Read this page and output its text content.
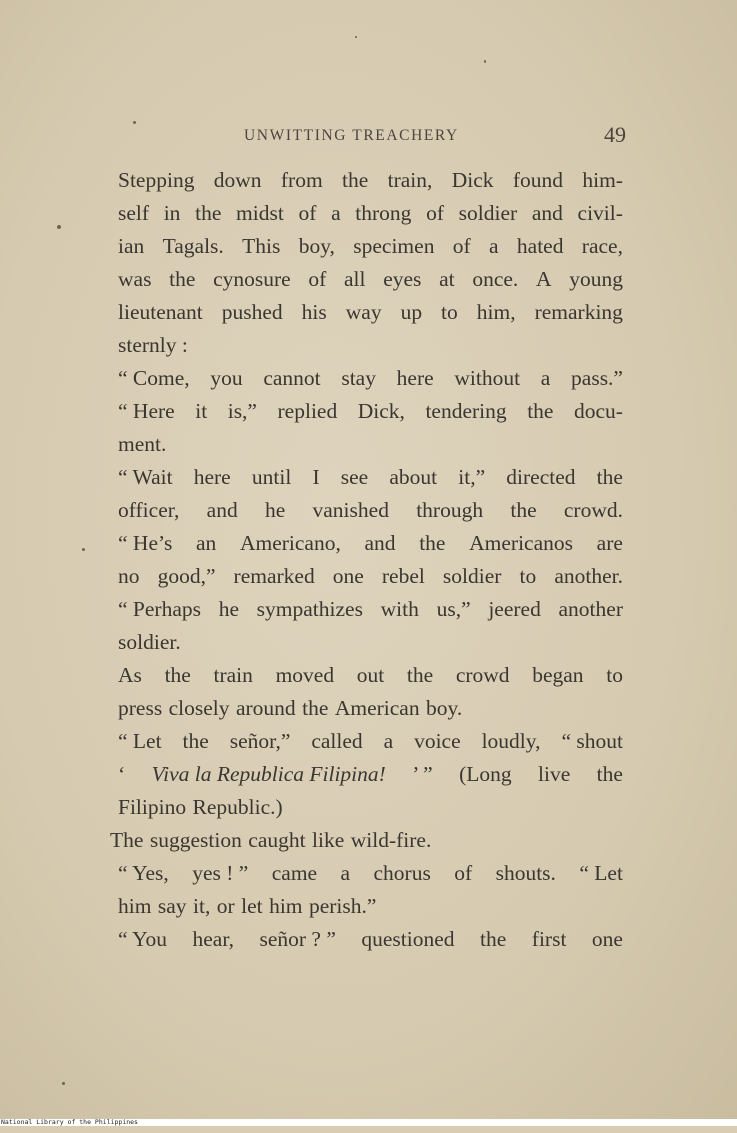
UNWITTING TREACHERY	49
Stepping down from the train, Dick found him-
self in the midst of a throng of soldier and civil-
ian Tagals. This boy, specimen of a hated race,
was the cynosure of all eyes at once. A young
lieutenant pushed his way up to him, remarking
sternly :
“ Come, you cannot stay here without a pass.”
“ Here it is,” replied Dick, tendering the docu-
ment.
“ Wait here until I see about it,” directed the
officer, and he vanished through the crowd.
“ He’s an Americano, and the Americanos are
no good,” remarked one rebel soldier to another.
“ Perhaps he sympathizes with us,” jeered another
soldier.
As the train moved out the crowd began to
press closely around the American boy.
“ Let the señor,” called a voice loudly, “ shout
‘ Viva la Republica Filipina! ’ ” (Long live the
Filipino Republic.)
The suggestion caught like wild-fire.
“ Yes, yes ! ” came a chorus of shouts. “ Let
him say it, or let him perish.”
“ You hear, señor ? ” questioned the first one
National Library of the Philippines
